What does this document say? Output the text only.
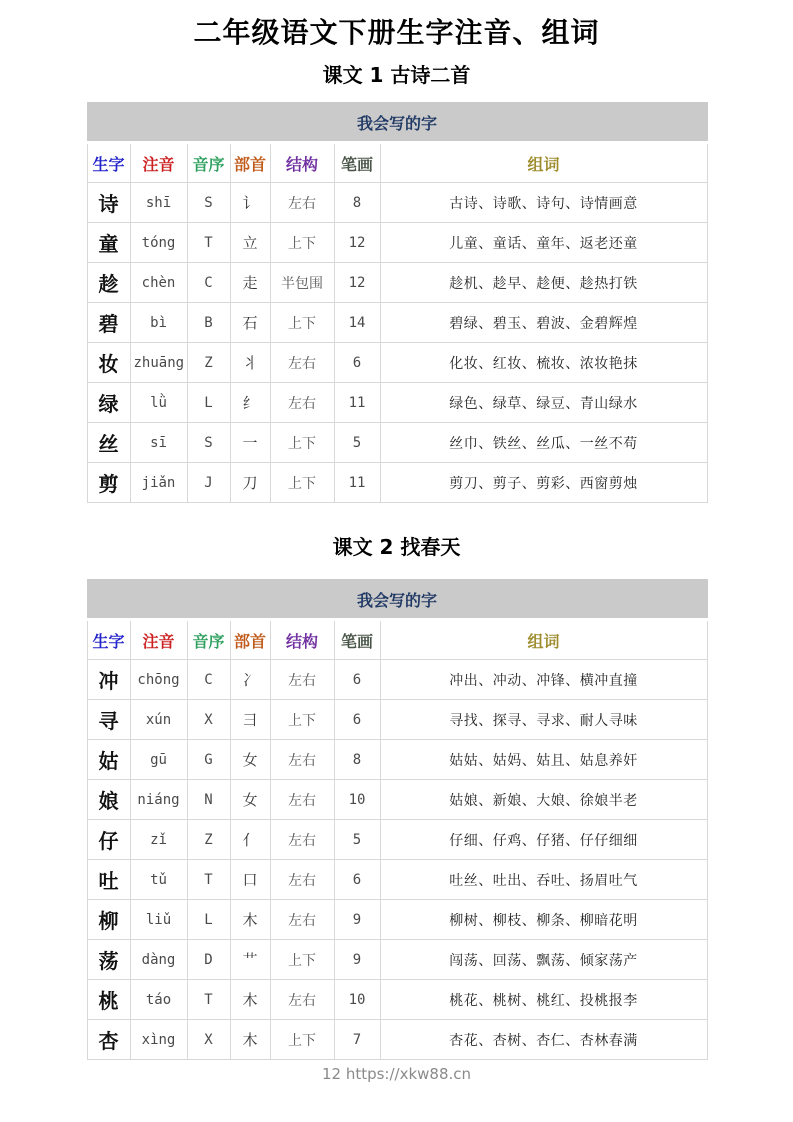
二年级语文下册生字注音、组词
课文 1 古诗二首
我会写的字						
生字	注音	音序	部首	结构	笔画	组词
诗	shī	S	讠	左右	8	古诗、诗歌、诗句、诗情画意
童	tóng	T	立	上下	12	儿童、童话、童年、返老还童
趁	chèn	C	走	半包围	12	趁机、趁早、趁便、趁热打铁
碧	bì	B	石	上下	14	碧绿、碧玉、碧波、金碧辉煌
妆	zhuāng	Z	丬	左右	6	化妆、红妆、梳妆、浓妆艳抹
绿	lǜ	L	纟	左右	11	绿色、绿草、绿豆、青山绿水
丝	sī	S	一	上下	5	丝巾、铁丝、丝瓜、一丝不苟
剪	jiǎn	J	刀	上下	11	剪刀、剪子、剪彩、西窗剪烛
课文 2 找春天
我会写的字						
生字	注音	音序	部首	结构	笔画	组词
冲	chōng	C	冫	左右	6	冲出、冲动、冲锋、横冲直撞
寻	xún	X	彐	上下	6	寻找、探寻、寻求、耐人寻味
姑	gū	G	女	左右	8	姑姑、姑妈、姑且、姑息养奸
娘	niáng	N	女	左右	10	姑娘、新娘、大娘、徐娘半老
仔	zǐ	Z	亻	左右	5	仔细、仔鸡、仔猪、仔仔细细
吐	tǔ	T	口	左右	6	吐丝、吐出、吞吐、扬眉吐气
柳	liǔ	L	木	左右	9	柳树、柳枝、柳条、柳暗花明
荡	dàng	D	艹	上下	9	闯荡、回荡、飘荡、倾家荡产
桃	táo	T	木	左右	10	桃花、桃树、桃红、投桃报李
杏	xìng	X	木	上下	7	杏花、杏树、杏仁、杏林春满
12 https://xkw88.cn
